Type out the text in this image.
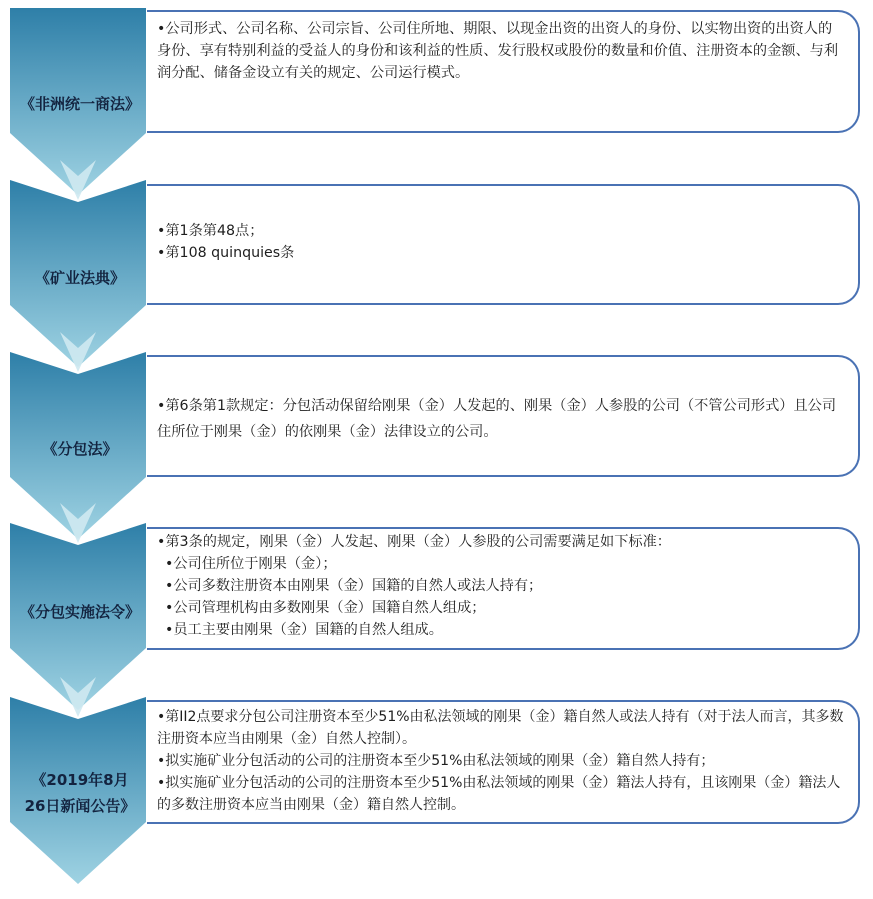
《非洲统一商法》
•公司形式、公司名称、公司宗旨、公司住所地、期限、以现金出资的出资人的身份、以实物出资的出资人的身份、享有特别利益的受益人的身份和该利益的性质、发行股权或股份的数量和价值、注册资本的金额、与利润分配、储备金设立有关的规定、公司运行模式。
《矿业法典》
•第1条第48点；
•第108 quinquies条
《分包法》
•第6条第1款规定：分包活动保留给刚果（金）人发起的、刚果（金）人参股的公司（不管公司形式）且公司住所位于刚果（金）的依刚果（金）法律设立的公司。
《分包实施法令》
•第3条的规定，刚果（金）人发起、刚果（金）人参股的公司需要满足如下标准：
•公司住所位于刚果（金）；
•公司多数注册资本由刚果（金）国籍的自然人或法人持有；
•公司管理机构由多数刚果（金）国籍自然人组成；
•员工主要由刚果（金）国籍的自然人组成。
《2019年8月
26日新闻公告》
•第II2点要求分包公司注册资本至少51%由私法领域的刚果（金）籍自然人或法人持有（对于法人而言，其多数注册资本应当由刚果（金）自然人控制）。
•拟实施矿业分包活动的公司的注册资本至少51%由私法领域的刚果（金）籍自然人持有；
•拟实施矿业分包活动的公司的注册资本至少51%由私法领域的刚果（金）籍法人持有，且该刚果（金）籍法人的多数注册资本应当由刚果（金）籍自然人控制。
